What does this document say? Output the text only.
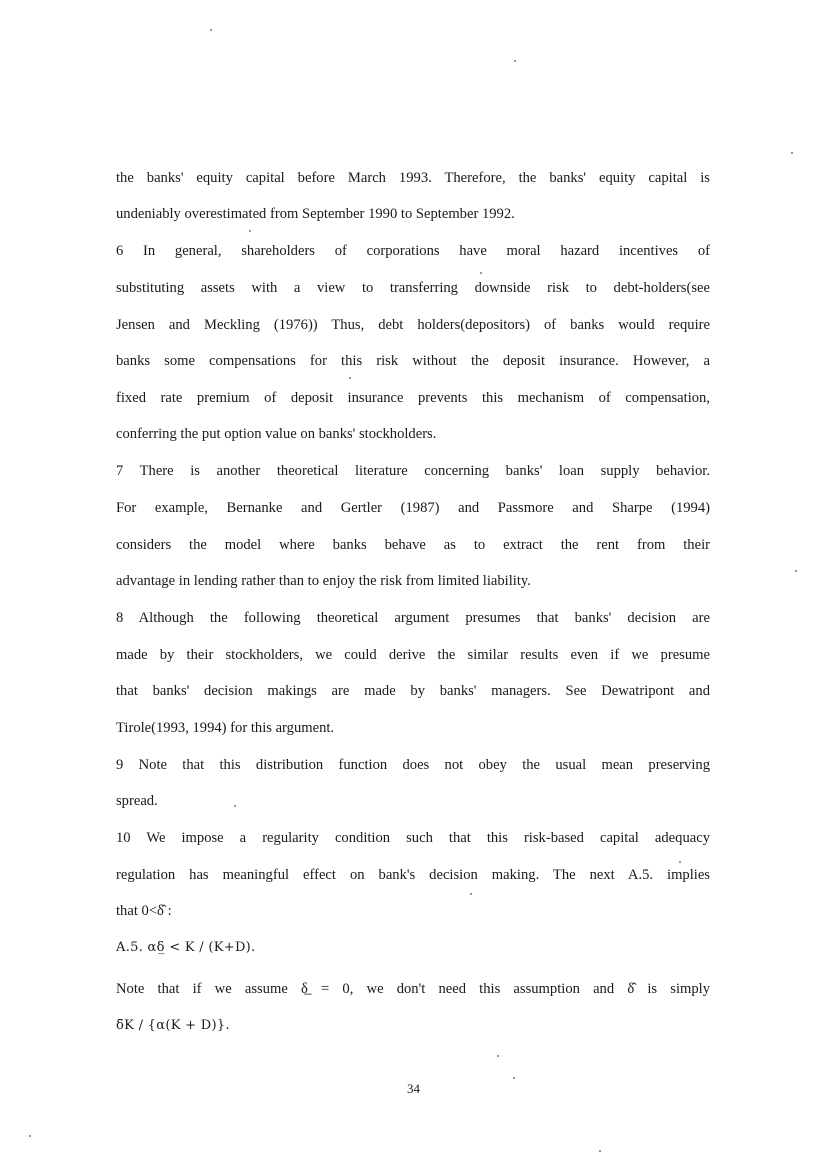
the banks' equity capital before March 1993. Therefore, the banks' equity capital is
undeniably overestimated from September 1990 to September 1992.
6 In general, shareholders of corporations have moral hazard incentives of
substituting assets with a view to transferring downside risk to debt-holders(see
Jensen and Meckling (1976)) Thus, debt holders(depositors) of banks would require
banks some compensations for this risk without the deposit insurance. However, a
fixed rate premium of deposit insurance prevents this mechanism of compensation,
conferring the put option value on banks' stockholders.
7 There is another theoretical literature concerning banks' loan supply behavior.
For example, Bernanke and Gertler (1987) and Passmore and Sharpe (1994)
considers the model where banks behave as to extract the rent from their
advantage in lending rather than to enjoy the risk from limited liability.
8 Although the following theoretical argument presumes that banks' decision are
made by their stockholders, we could derive the similar results even if we presume
that banks' decision makings are made by banks' managers. See Dewatripont and
Tirole(1993, 1994) for this argument.
9 Note that this distribution function does not obey the usual mean preserving
spread.
10 We impose a regularity condition such that this risk-based capital adequacy
regulation has meaningful effect on bank's decision making. The next A.5. implies
that 0<δ̂ :
A.5. αδ̲ < K / (K+D).
Note that if we assume δ̲ = 0, we don't need this assumption and δ̂ is simply
δ̄K / {α(K + D)}.
34
